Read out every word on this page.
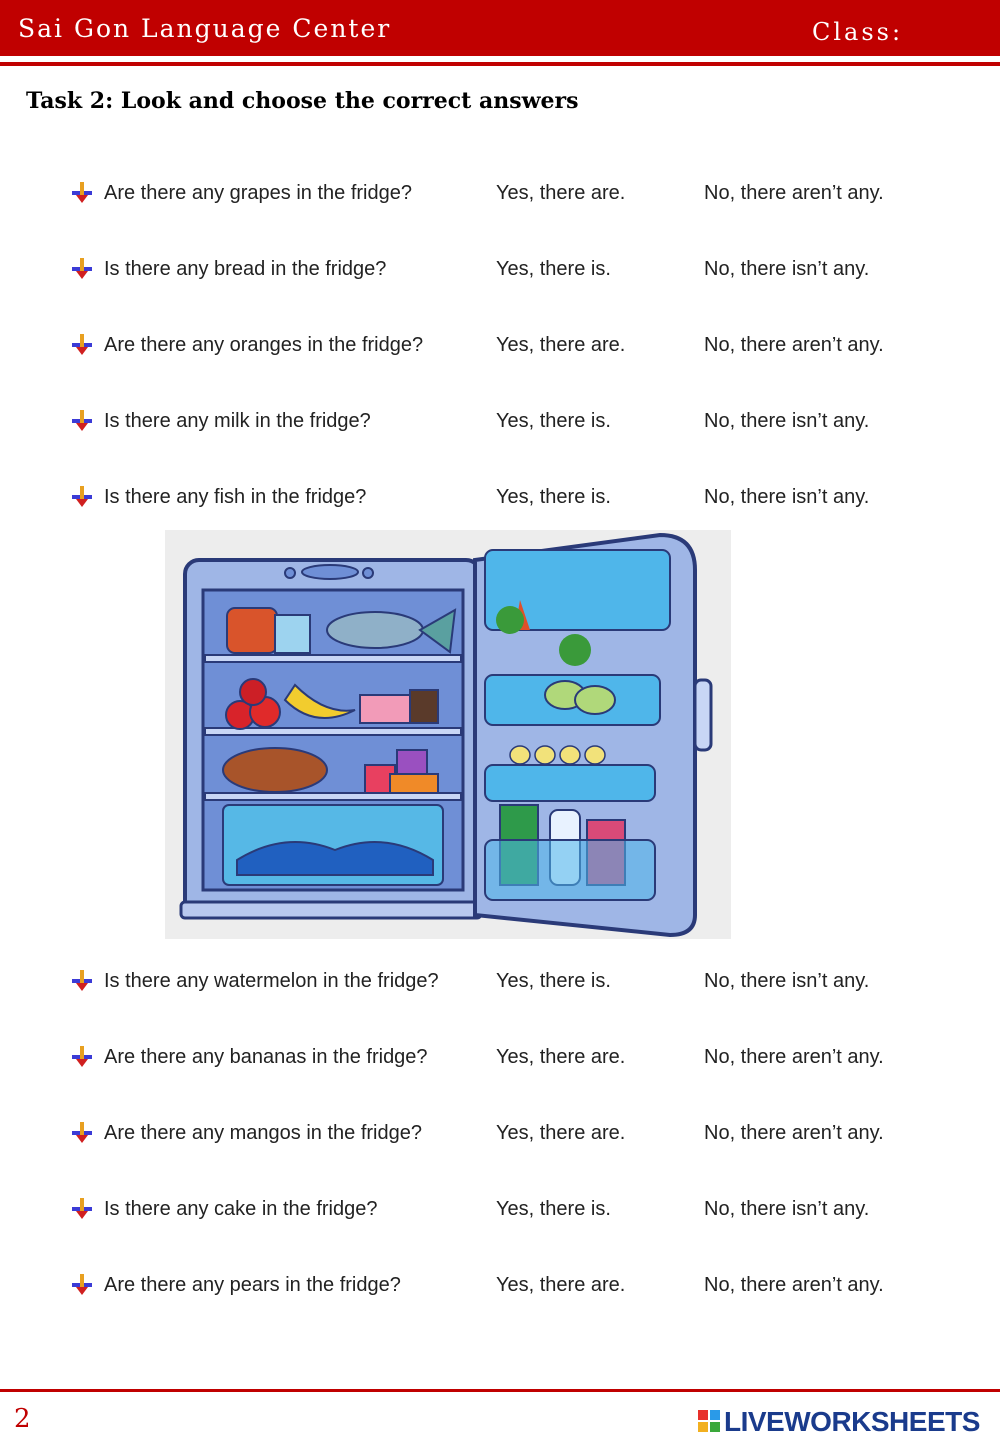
Sai Gon Language Center	Class:
Task 2: Look and choose the correct answers
Are there any grapes in the fridge?	Yes, there are.	No, there aren’t any.
Is there any bread in the fridge?	Yes, there is.	No, there isn’t any.
Are there any oranges in the fridge?	Yes, there are.	No, there aren’t any.
Is there any milk in the fridge?	Yes, there is.	No, there isn’t any.
Is there any fish in the fridge?	Yes, there is.	No, there isn’t any.
Is there any watermelon in the fridge?	Yes, there is.	No, there isn’t any.
Are there any bananas in the fridge?	Yes, there are.	No, there aren’t any.
Are there any mangos in the fridge?	Yes, there are.	No, there aren’t any.
Is there any cake in the fridge?	Yes, there is.	No, there isn’t any.
Are there any pears in the fridge?	Yes, there are.	No, there aren’t any.
2	LIVEWORKSHEETS
